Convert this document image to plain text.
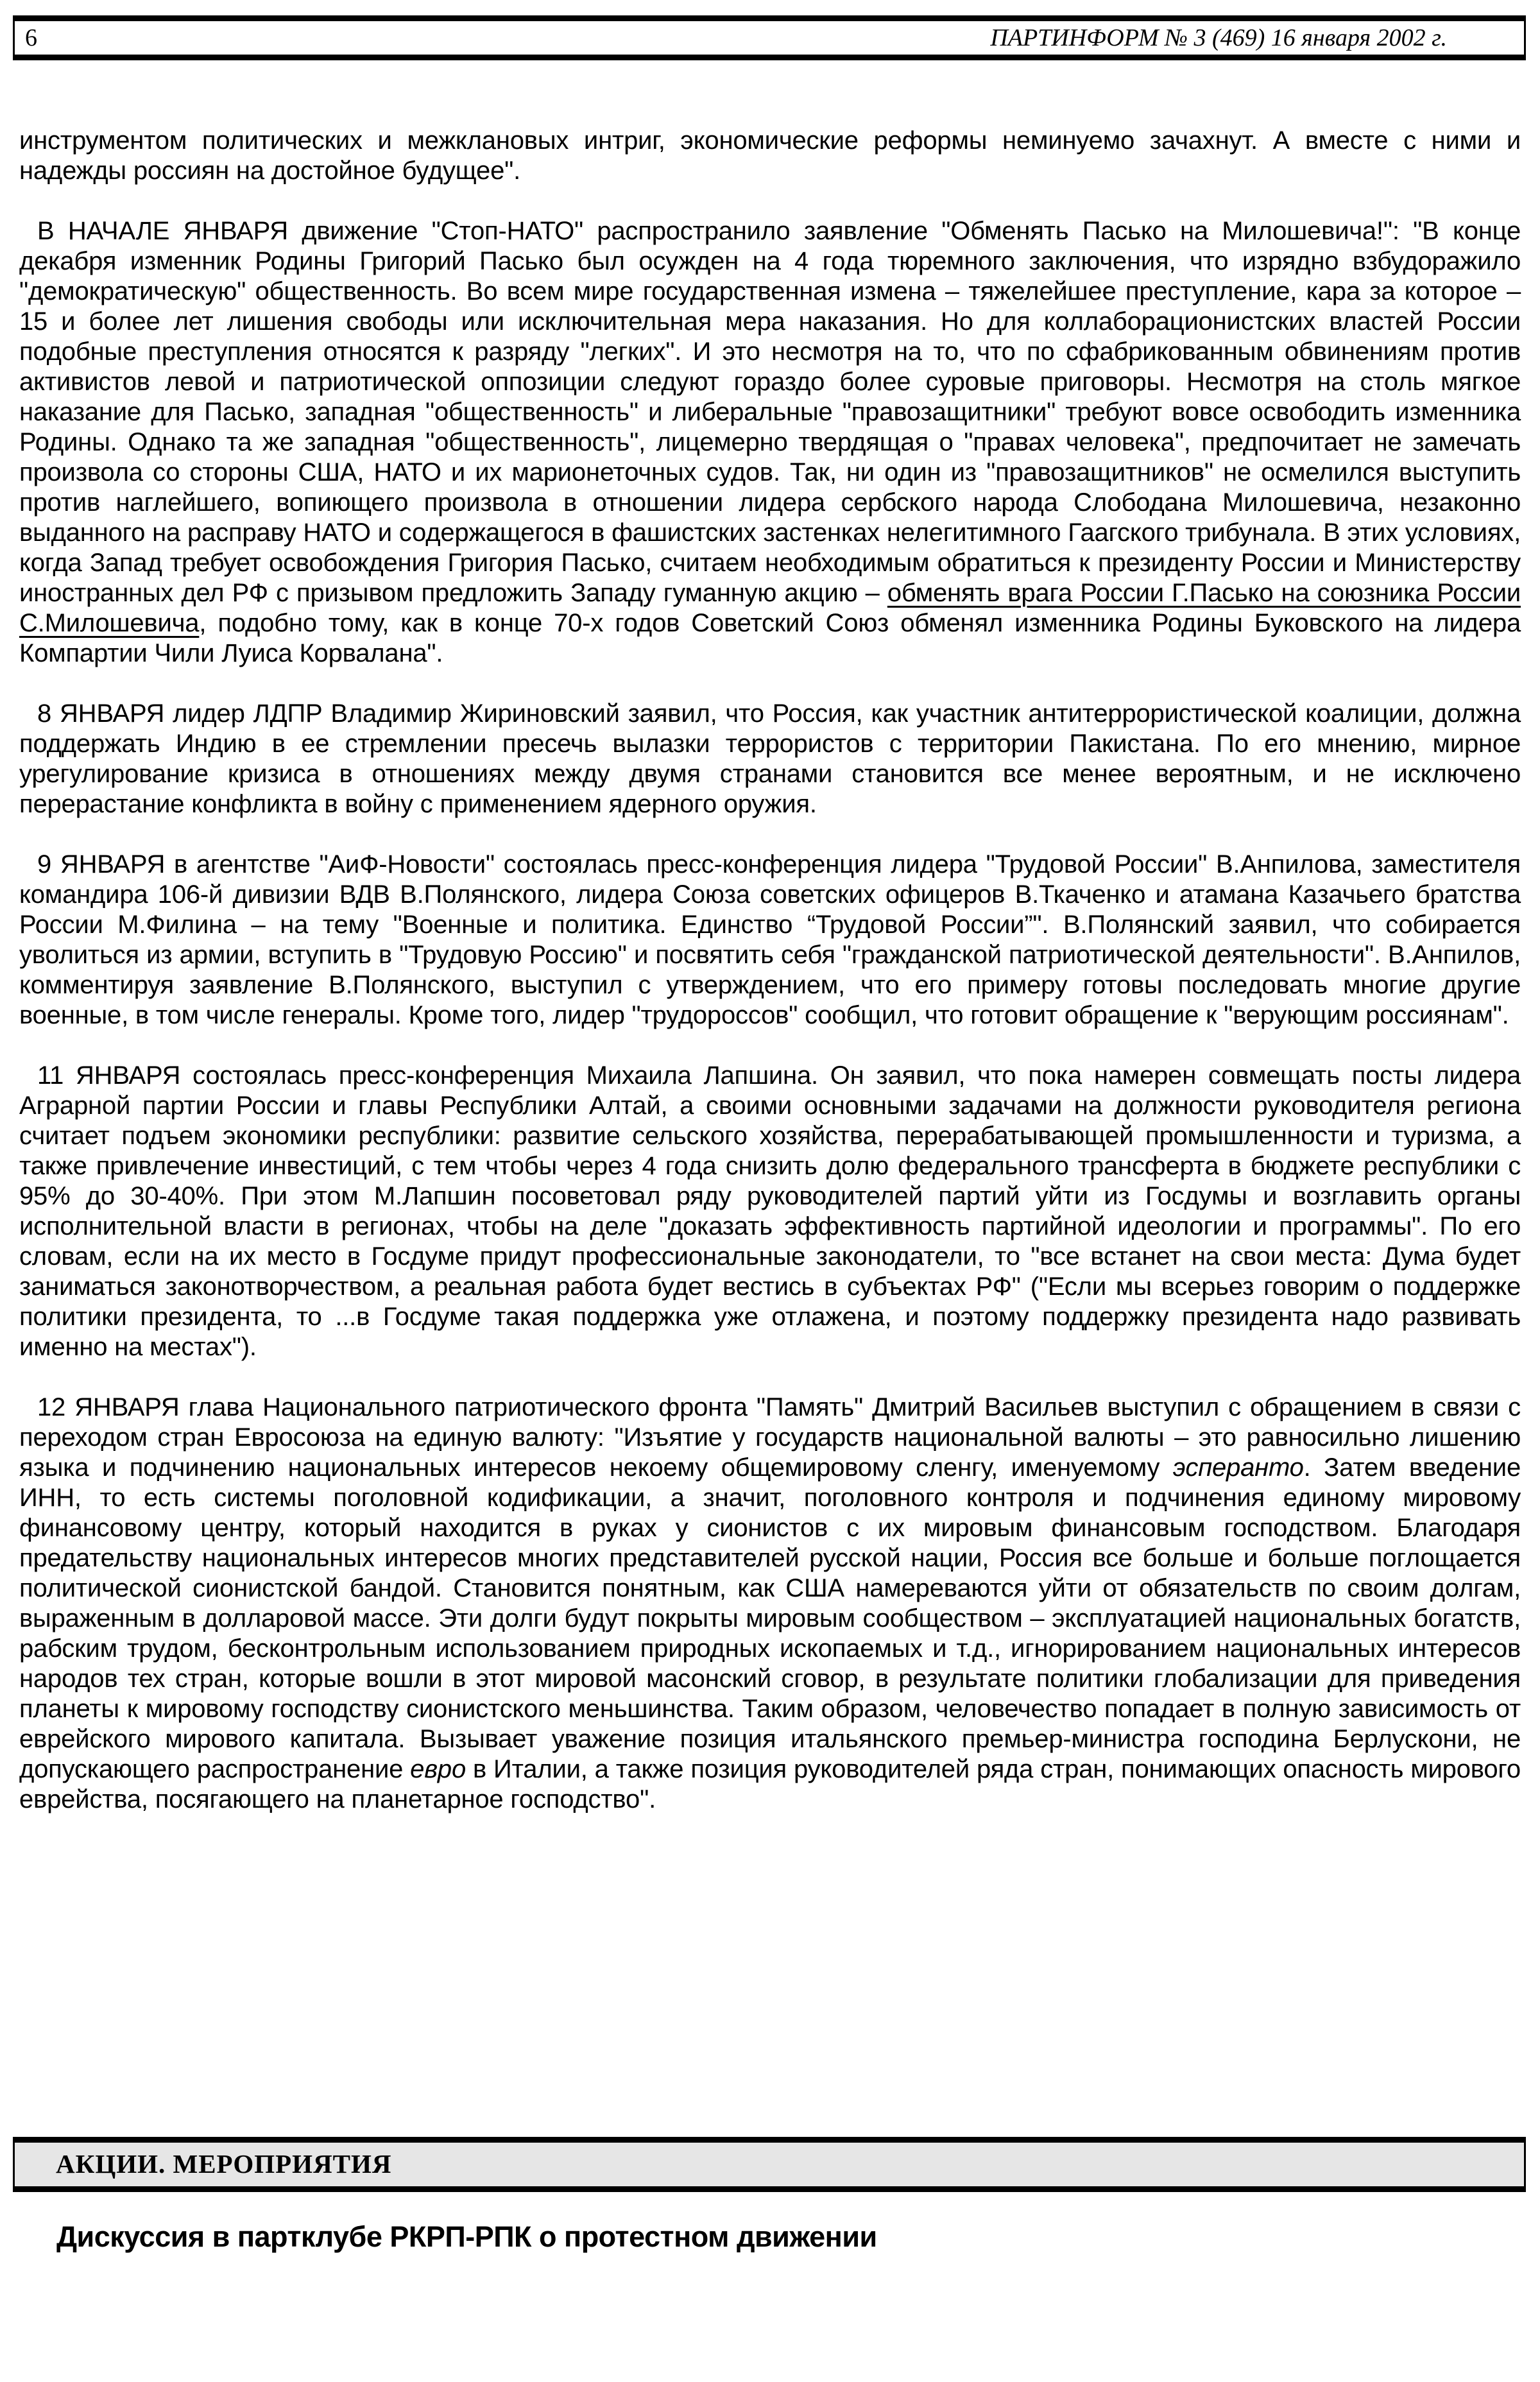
6	ПАРТИНФОРМ № 3 (469) 16 января 2002 г.

инструментом политических и межклановых интриг, экономические реформы неминуемо зачахнут. А вместе с ними и надежды россиян на достойное будущее".

В НАЧАЛЕ ЯНВАРЯ движение "Стоп-НАТО" распространило заявление "Обменять Пасько на Милошевича!": "В конце декабря изменник Родины Григорий Пасько был осужден на 4 года тюремного заключения, что изрядно взбудоражило "демократическую" общественность. Во всем мире государственная измена – тяжелейшее преступление, кара за которое – 15 и более лет лишения свободы или исключительная мера наказания. Но для коллаборационистских властей России подобные преступления относятся к разряду "легких". И это несмотря на то, что по сфабрикованным обвинениям против активистов левой и патриотической оппозиции следуют гораздо более суровые приговоры. Несмотря на столь мягкое наказание для Пасько, западная "общественность" и либеральные "правозащитники" требуют вовсе освободить изменника Родины. Однако та же западная "общественность", лицемерно твердящая о "правах человека", предпочитает не замечать произвола со стороны США, НАТО и их марионеточных судов. Так, ни один из "правозащитников" не осмелился выступить против наглейшего, вопиющего произвола в отношении лидера сербского народа Слободана Милошевича, незаконно выданного на расправу НАТО и содержащегося в фашистских застенках нелегитимного Гаагского трибунала. В этих условиях, когда Запад требует освобождения Григория Пасько, считаем необходимым обратиться к президенту России и Министерству иностранных дел РФ с призывом предложить Западу гуманную акцию – обменять врага России Г.Пасько на союзника России С.Милошевича, подобно тому, как в конце 70-х годов Советский Союз обменял изменника Родины Буковского на лидера Компартии Чили Луиса Корвалана".

8 ЯНВАРЯ лидер ЛДПР Владимир Жириновский заявил, что Россия, как участник антитеррористической коалиции, должна поддержать Индию в ее стремлении пресечь вылазки террористов с территории Пакистана. По его мнению, мирное урегулирование кризиса в отношениях между двумя странами становится все менее вероятным, и не исключено перерастание конфликта в войну с применением ядерного оружия.

9 ЯНВАРЯ в агентстве "АиФ-Новости" состоялась пресс-конференция лидера "Трудовой России" В.Анпилова, заместителя командира 106-й дивизии ВДВ В.Полянского, лидера Союза советских офицеров В.Ткаченко и атамана Казачьего братства России М.Филина – на тему "Военные и политика. Единство “Трудовой России”". В.Полянский заявил, что собирается уволиться из армии, вступить в "Трудовую Россию" и посвятить себя "гражданской патриотической деятельности". В.Анпилов, комментируя заявление В.Полянского, выступил с утверждением, что его примеру готовы последовать многие другие военные, в том числе генералы. Кроме того, лидер "трудороссов" сообщил, что готовит обращение к "верующим россиянам".

11 ЯНВАРЯ состоялась пресс-конференция Михаила Лапшина. Он заявил, что пока намерен совмещать посты лидера Аграрной партии России и главы Республики Алтай, а своими основными задачами на должности руководителя региона считает подъем экономики республики: развитие сельского хозяйства, перерабатывающей промышленности и туризма, а также привлечение инвестиций, с тем чтобы через 4 года снизить долю федерального трансферта в бюджете республики с 95% до 30-40%. При этом М.Лапшин посоветовал ряду руководителей партий уйти из Госдумы и возглавить органы исполнительной власти в регионах, чтобы на деле "доказать эффективность партийной идеологии и программы". По его словам, если на их место в Госдуме придут профессиональные законодатели, то "все встанет на свои места: Дума будет заниматься законотворчеством, а реальная работа будет вестись в субъектах РФ" ("Если мы всерьез говорим о поддержке политики президента, то ...в Госдуме такая поддержка уже отлажена, и поэтому поддержку президента надо развивать именно на местах").

12 ЯНВАРЯ глава Национального патриотического фронта "Память" Дмитрий Васильев выступил с обращением в связи с переходом стран Евросоюза на единую валюту: "Изъятие у государств национальной валюты – это равносильно лишению языка и подчинению национальных интересов некоему общемировому сленгу, именуемому эсперанто. Затем введение ИНН, то есть системы поголовной кодификации, а значит, поголовного контроля и подчинения единому мировому финансовому центру, который находится в руках у сионистов с их мировым финансовым господством. Благодаря предательству национальных интересов многих представителей русской нации, Россия все больше и больше поглощается политической сионистской бандой. Становится понятным, как США намереваются уйти от обязательств по своим долгам, выраженным в долларовой массе. Эти долги будут покрыты мировым сообществом – эксплуатацией национальных богатств, рабским трудом, бесконтрольным использованием природных ископаемых и т.д., игнорированием национальных интересов народов тех стран, которые вошли в этот мировой масонский сговор, в результате политики глобализации для приведения планеты к мировому господству сионистского меньшинства. Таким образом, человечество попадает в полную зависимость от еврейского мирового капитала. Вызывает уважение позиция итальянского премьер-министра господина Берлускони, не допускающего распространение евро в Италии, а также позиция руководителей ряда стран, понимающих опасность мирового еврейства, посягающего на планетарное господство".

АКЦИИ. МЕРОПРИЯТИЯ
Дискуссия в партклубе РКРП-РПК о протестном движении
